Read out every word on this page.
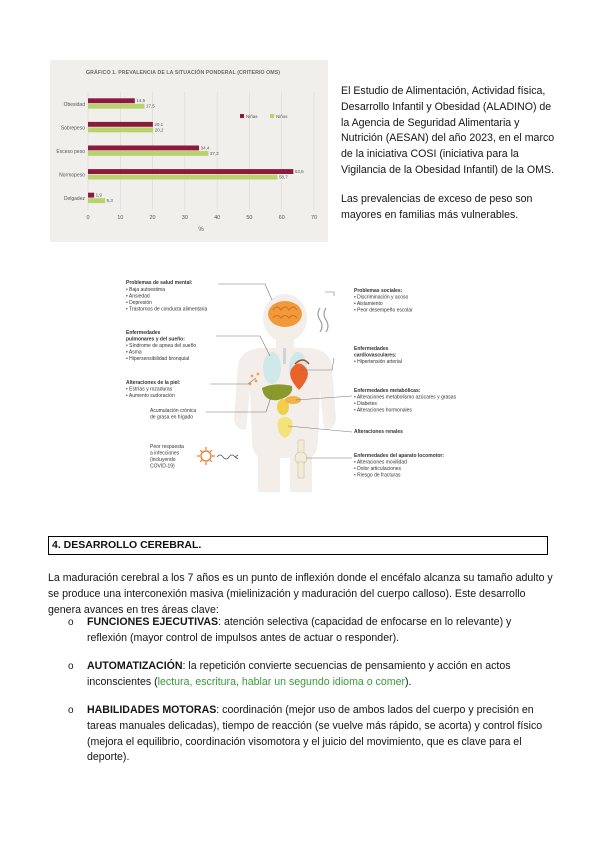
GRÁFICO 1. PREVALENCIA DE LA SITUACIÓN PONDERAL (CRITERIO OMS)
0	10	20	30	40	50	60	70
%
Obesidad
14,5
17,5
Sobrepeso
20,1
20,2
Exceso peso
34,4
37,3
Normopeso
63,6
58,7
Delgadez
1,9
5,3
Niñas	Niños

El Estudio de Alimentación, Actividad física, Desarrollo Infantil y Obesidad (ALADINO) de la Agencia de Seguridad Alimentaria y Nutrición (AESAN) del año 2023, en el marco de la iniciativa COSI (iniciativa para la Vigilancia de la Obesidad Infantil) de la OMS.

Las prevalencias de exceso de peso son mayores en familias más vulnerables.

Problemas de salud mental: • Baja autoestima • Ansiedad • Depresión • Trastornos de conducta alimentaria
Enfermedades pulmonares y del sueño: • Síndrome de apnea del sueño • Asma • Hipersensibilidad bronquial
Alteraciones de la piel: • Estrías y rozaduras • Aumento sudoración
Acumulación crónica de grasa en hígado
Peor respuesta a infecciones (incluyendo COVID-19)
Problemas sociales: • Discriminación y acoso • Aislamiento • Peor desempeño escolar
Enfermedades cardiovasculares: • Hipertensión arterial
Enfermedades metabólicas: • Alteraciones metabolismo azúcares y grasas • Diabetes • Alteraciones hormonales
Alteraciones renales
Enfermedades del aparato locomotor: • Alteraciones movilidad • Dolor articulaciones • Riesgo de fracturas
4. DESARROLLO CEREBRAL.

La maduración cerebral a los 7 años es un punto de inflexión donde el encéfalo alcanza su tamaño adulto y se produce una interconexión masiva (mielinización y maduración del cuerpo calloso). Este desarrollo genera avances en tres áreas clave:

o FUNCIONES EJECUTIVAS: atención selectiva (capacidad de enfocarse en lo relevante) y reflexión (mayor control de impulsos antes de actuar o responder).
o AUTOMATIZACIÓN: la repetición convierte secuencias de pensamiento y acción en actos inconscientes (lectura, escritura, hablar un segundo idioma o comer).
o HABILIDADES MOTORAS: coordinación (mejor uso de ambos lados del cuerpo y precisión en tareas manuales delicadas), tiempo de reacción (se vuelve más rápido, se acorta) y control físico (mejora el equilibrio, coordinación visomotora y el juicio del movimiento, que es clave para el deporte).
